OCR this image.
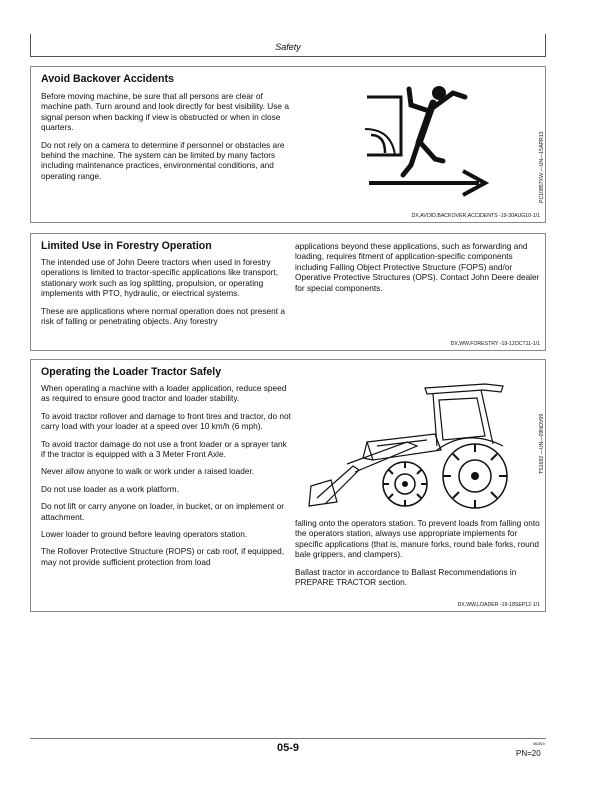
Safety
Avoid Backover Accidents

Before moving machine, be sure that all persons are clear of machine path. Turn around and look directly for best visibility. Use a signal person when backing if view is obstructed or when in close quarters.

Do not rely on a camera to determine if personnel or obstacles are behind the machine. The system can be limited by many factors including maintenance practices, environmental conditions, and operating range.	PC10857XW —UN—15APR13
DX,AVOID,BACKOVER,ACCIDENTS -19-30AUG10-1/1
Limited Use in Forestry Operation

The intended use of John Deere tractors when used in forestry operations is limited to tractor-specific applications like transport, stationary work such as log splitting, propulsion, or operating implements with PTO, hydraulic, or electrical systems.

These are applications where normal operation does not present a risk of falling or penetrating objects. Any forestry

applications beyond these applications, such as forwarding and loading, requires fitment of application-specific components including Falling Object Protective Structure (FOPS) and/or Operative Protective Structures (OPS). Contact John Deere dealer for special components.

DX,WW,FORESTRY -19-12OCT11-1/1
Operating the Loader Tractor Safely

When operating a machine with a loader application, reduce speed as required to ensure good tractor and loader stability.

To avoid tractor rollover and damage to front tires and tractor, do not carry load with your loader at a speed over 10 km/h (6 mph).

To avoid tractor damage do not use a front loader or a sprayer tank if the tractor is equipped with a 3 Meter Front Axle.

Never allow anyone to walk or work under a raised loader.

Do not use loader as a work platform.

Do not lift or carry anyone on loader, in bucket, or on implement or attachment.

Lower loader to ground before leaving operators station.

The Rollover Protective Structure (ROPS) or cab roof, if equipped, may not provide sufficient protection from load

TS1692 —UN—09NOV09

falling onto the operators station. To prevent loads from falling onto the operators station, always use appropriate implements for specific applications (that is, manure forks, round bale forks, round bale grippers, and clampers).

Ballast tractor in accordance to Ballast Recommendations in PREPARE TRACTOR section.

DX,WW,LOADER -19-18SEP12-1/1
05-9	062815
PN=20
